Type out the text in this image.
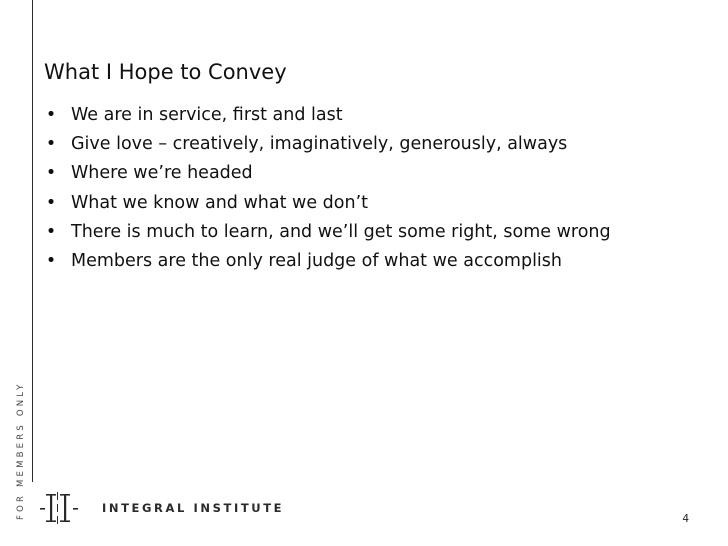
FOR MEMBERS ONLY
What I Hope to Convey
• We are in service, first and last
• Give love – creatively, imaginatively, generously, always
• Where we’re headed
• What we know and what we don’t
• There is much to learn, and we’ll get some right, some wrong
• Members are the only real judge of what we accomplish
INTEGRAL INSTITUTE
4
